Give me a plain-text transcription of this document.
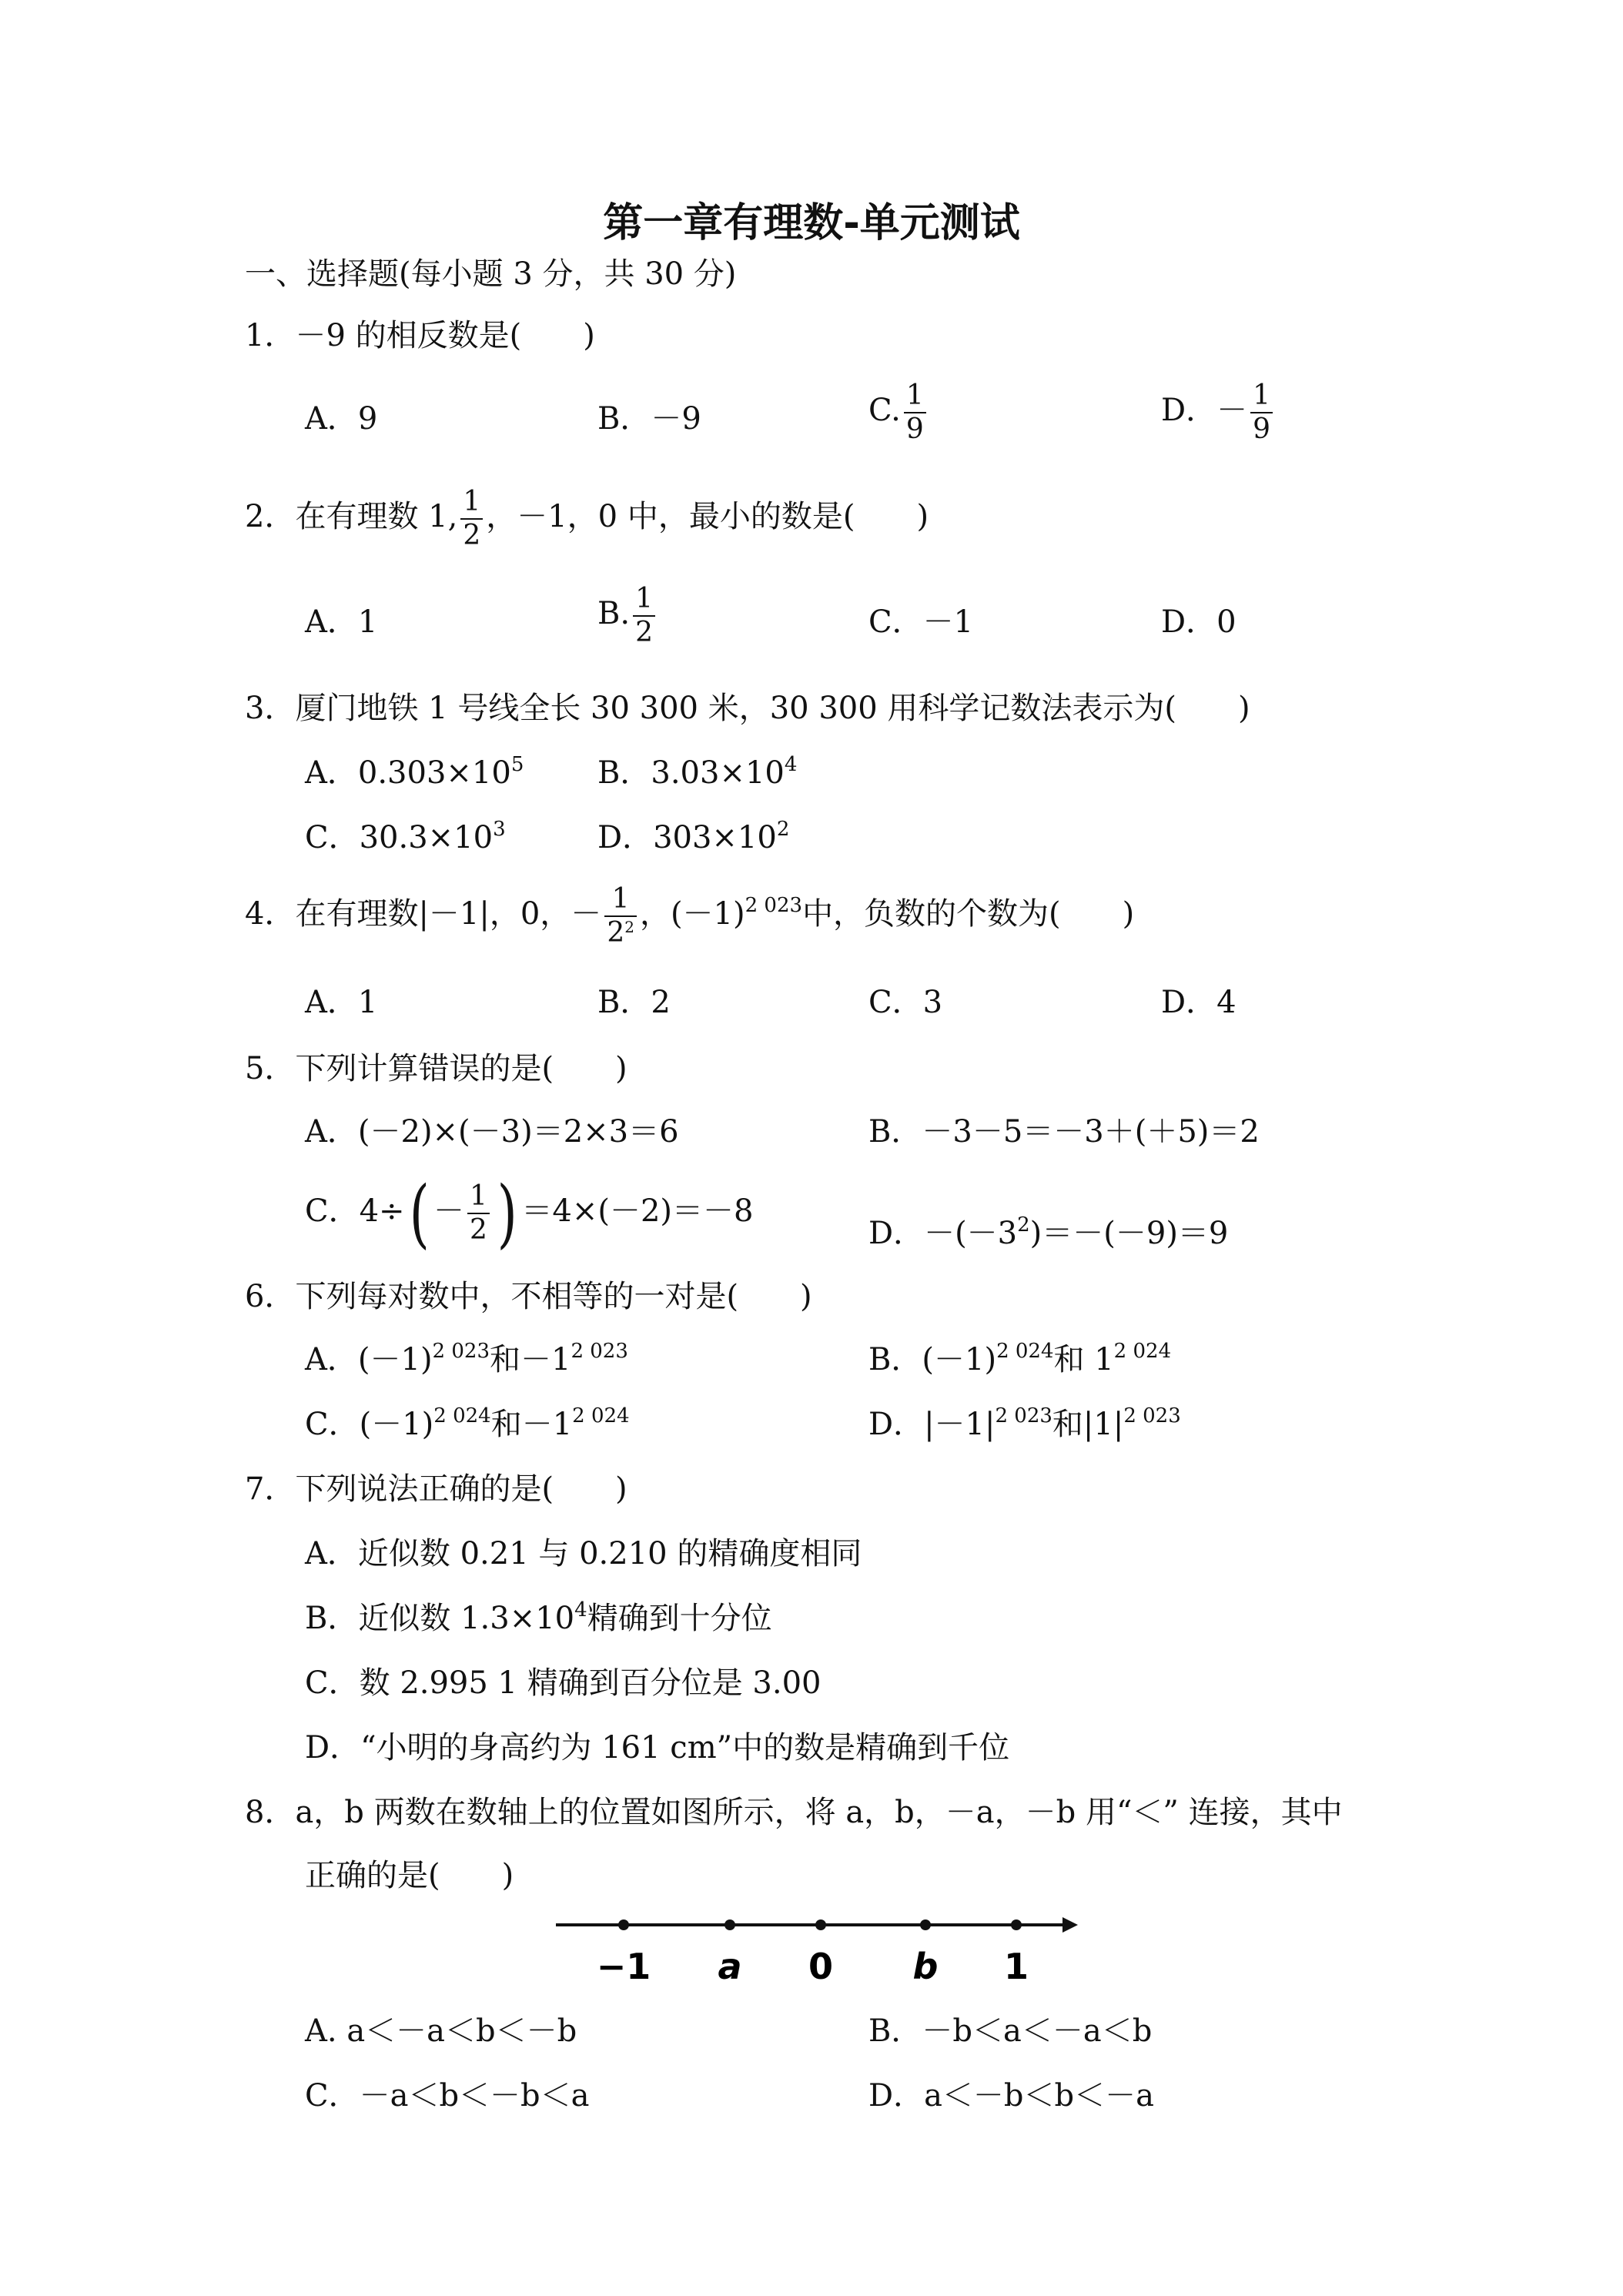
第一章有理数-单元测试
一、选择题(每小题 3 分，共 30 分)
1．－9 的相反数是(　　)
A．9	B．－9	C. $\frac{1}{9}$	D．－ $\frac{1}{9}$
2．在有理数 1, $\frac{1}{2}$ ，－1，0 中，最小的数是(　　)
A．1	B. $\frac{1}{2}$	C．－1	D．0
3．厦门地铁 1 号线全长 30 300 米，30 300 用科学记数法表示为(　　)
A．$0.303\times 10^5$ B．$3.03\times 10^4$
C．$30.3\times 10^3$	D．$303\times 10^2$
4．在有理数|－1|，0，－ $\frac{1}{2^2}$ ，$(-1)^{2 023}$中，负数的个数为(　　)
A．1	B．2	C．3	D．4
5．下列计算错误的是(　　)
A．(－2)×(－3)＝2×3＝6	B．－3－5＝－3＋(＋5)＝2
C．$4\div( - \frac{1}{2}$ ) ＝4×(－2)＝－8
D．$-(-3^2)=-(-9)=9$
6．下列每对数中，不相等的一对是(　　)
A．$(-1)^{2 023}$和$-1^{2 023}$	B．$(-1)^{2 024}$和 $1^{2 024}$
C．$(-1)^{2 024}$和$-1^{2 024}$	D．$|-1|^{2 023}$和$|1|^{2 023}$
7．下列说法正确的是(　　)
A．近似数 0.21 与 0.210 的精确度相同
B．近似数 $1.3\times 10^4$精确到十分位
C．数 2.995 1 精确到百分位是 3.00
D．“小明的身高约为 161 cm”中的数是精确到千位
8．a，b 两数在数轴上的位置如图所示，将 a，b，－a，－b 用“＜” 连接，其中
正确的是(　　)
−1 a 0 b 1
A. a＜－a＜b＜－b	B．－b＜a＜－a＜b
C．－a＜b＜－b＜a	D．a＜－b＜b＜－a
